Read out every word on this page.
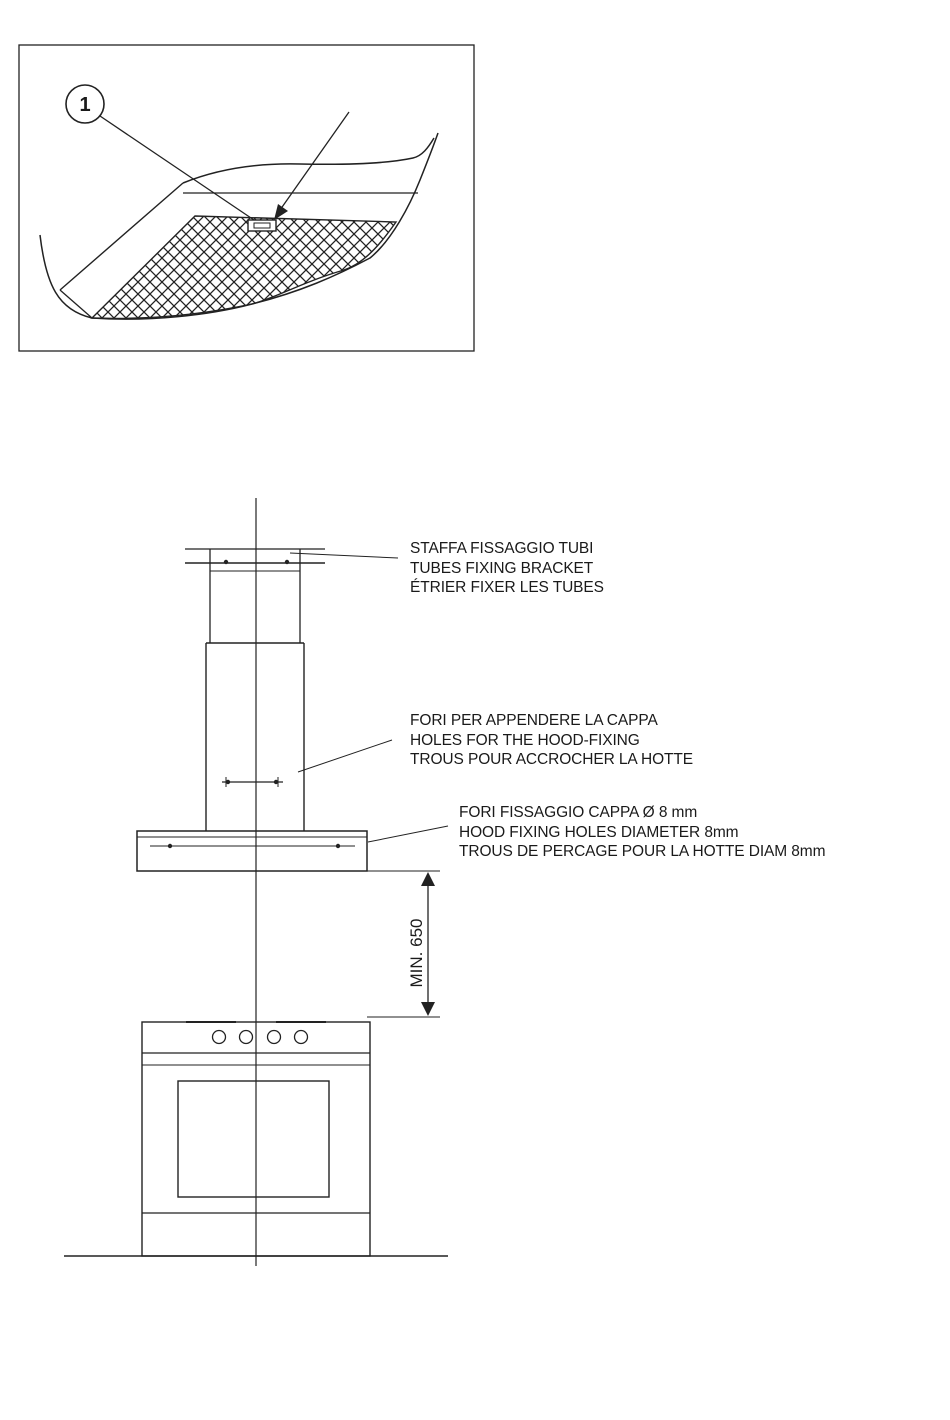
1
MIN. 650
STAFFA FISSAGGIO TUBI
TUBES FIXING BRACKET
ÉTRIER FIXER LES TUBES
FORI PER APPENDERE LA CAPPA
HOLES FOR THE HOOD-FIXING
TROUS POUR ACCROCHER LA HOTTE
FORI FISSAGGIO CAPPA Ø 8 mm
HOOD FIXING HOLES DIAMETER 8mm
TROUS DE PERCAGE POUR LA HOTTE DIAM 8mm
